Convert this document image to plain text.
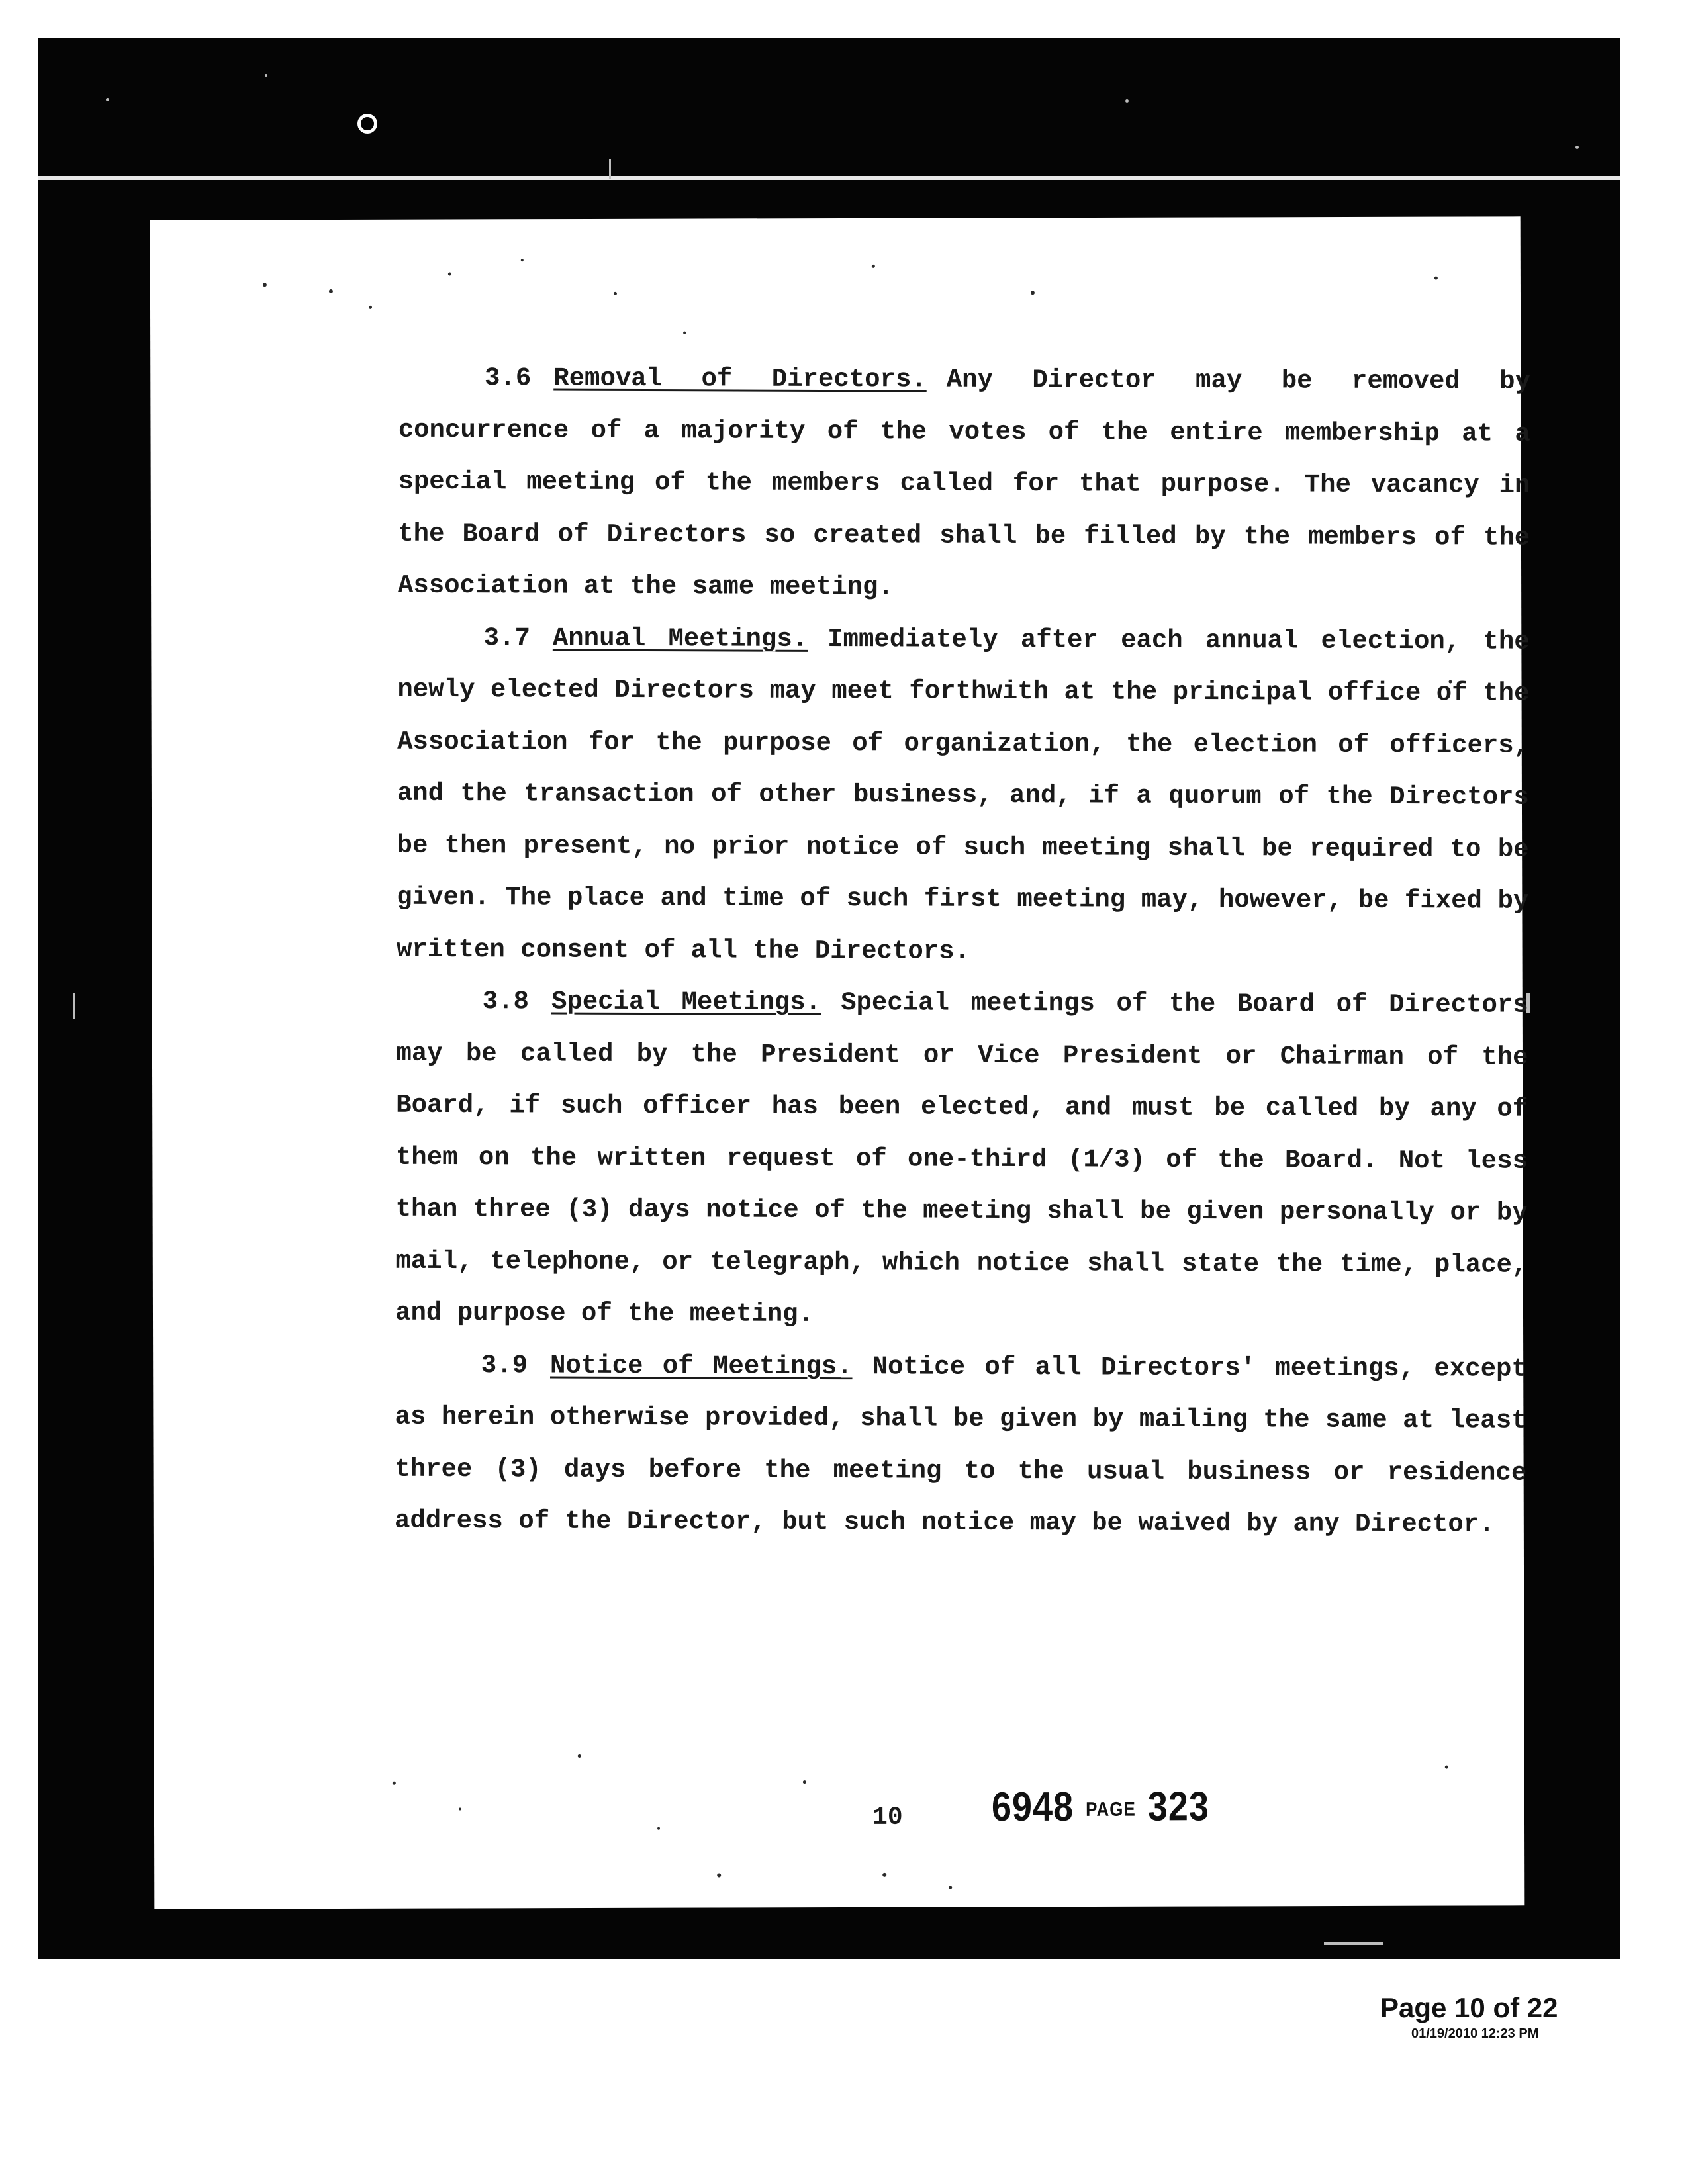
3.6 Removal of Directors. Any Director may be removed by concurrence of a majority of the votes of the entire membership at a special meeting of the members called for that purpose. The vacancy in the Board of Directors so created shall be filled by the members of the Association at the same meeting.

3.7 Annual Meetings. Immediately after each annual election, the newly elected Directors may meet forthwith at the principal office of the Association for the purpose of organization, the election of officers, and the transaction of other business, and, if a quorum of the Directors be then present, no prior notice of such meeting shall be required to be given. The place and time of such first meeting may, however, be fixed by written consent of all the Directors.

3.8 Special Meetings. Special meetings of the Board of Directors may be called by the President or Vice President or Chairman of the Board, if such officer has been elected, and must be called by any of them on the written request of one-third (1/3) of the Board. Not less than three (3) days notice of the meeting shall be given personally or by mail, telephone, or telegraph, which notice shall state the time, place, and purpose of the meeting.

3.9 Notice of Meetings. Notice of all Directors' meetings, except as herein otherwise provided, shall be given by mailing the same at least three (3) days before the meeting to the usual business or residence address of the Director, but such notice may be waived by any Director.

10 6948 PAGE 323
Page 10 of 22
01/19/2010 12:23 PM
